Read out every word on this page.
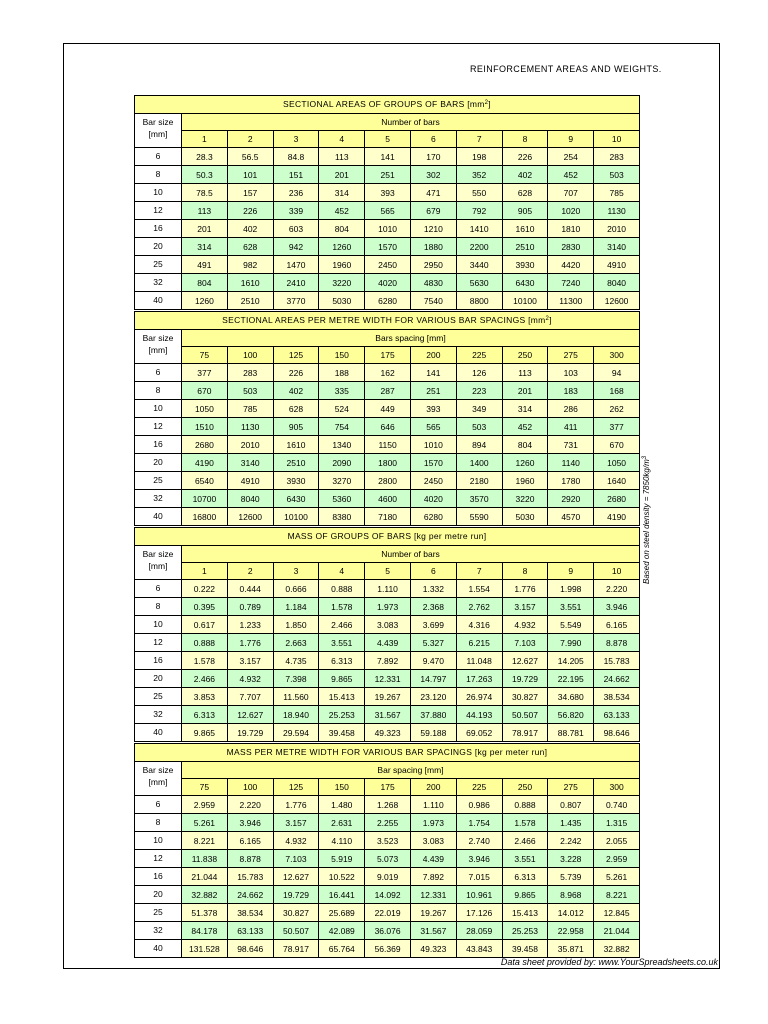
REINFORCEMENT AREAS AND WEIGHTS.
Based on steel density = $7850kg/m^3$
SECTIONAL AREAS OF GROUPS OF BARS $[mm^2]$										

Bar size
[mm]	Number of bars									
	1	2	3	4	5	6	7	8	9	10
6	28.3	56.5	84.8	113	141	170	198	226	254	283
8	50.3	101	151	201	251	302	352	402	452	503
10	78.5	157	236	314	393	471	550	628	707	785
12	113	226	339	452	565	679	792	905	1020	1130
16	201	402	603	804	1010	1210	1410	1610	1810	2010
20	314	628	942	1260	1570	1880	2200	2510	2830	3140
25	491	982	1470	1960	2450	2950	3440	3930	4420	4910
32	804	1610	2410	3220	4020	4830	5630	6430	7240	8040
40	1260	2510	3770	5030	6280	7540	8800	10100	11300	12600
SECTIONAL AREAS PER METRE WIDTH FOR VARIOUS BAR SPACINGS $[mm^2]$										

Bar size
[mm]	Bars spacing [mm]									
	75	100	125	150	175	200	225	250	275	300
6	377	283	226	188	162	141	126	113	103	94
8	670	503	402	335	287	251	223	201	183	168
10	1050	785	628	524	449	393	349	314	286	262
12	1510	1130	905	754	646	565	503	452	411	377
16	2680	2010	1610	1340	1150	1010	894	804	731	670
20	4190	3140	2510	2090	1800	1570	1400	1260	1140	1050
25	6540	4910	3930	3270	2800	2450	2180	1960	1780	1640
32	10700	8040	6430	5360	4600	4020	3570	3220	2920	2680
40	16800	12600	10100	8380	7180	6280	5590	5030	4570	4190
MASS OF GROUPS OF BARS [kg per metre run]										

Bar size
[mm]	Number of bars									
	1	2	3	4	5	6	7	8	9	10
6	0.222	0.444	0.666	0.888	1.110	1.332	1.554	1.776	1.998	2.220
8	0.395	0.789	1.184	1.578	1.973	2.368	2.762	3.157	3.551	3.946
10	0.617	1.233	1.850	2.466	3.083	3.699	4.316	4.932	5.549	6.165
12	0.888	1.776	2.663	3.551	4.439	5.327	6.215	7.103	7.990	8.878
16	1.578	3.157	4.735	6.313	7.892	9.470	11.048	12.627	14.205	15.783
20	2.466	4.932	7.398	9.865	12.331	14.797	17.263	19.729	22.195	24.662
25	3.853	7.707	11.560	15.413	19.267	23.120	26.974	30.827	34.680	38.534
32	6.313	12.627	18.940	25.253	31.567	37.880	44.193	50.507	56.820	63.133
40	9.865	19.729	29.594	39.458	49.323	59.188	69.052	78.917	88.781	98.646
MASS PER METRE WIDTH FOR VARIOUS BAR SPACINGS [kg per meter run]										

Bar size
[mm]	Bar spacing [mm]									
	75	100	125	150	175	200	225	250	275	300
6	2.959	2.220	1.776	1.480	1.268	1.110	0.986	0.888	0.807	0.740
8	5.261	3.946	3.157	2.631	2.255	1.973	1.754	1.578	1.435	1.315
10	8.221	6.165	4.932	4.110	3.523	3.083	2.740	2.466	2.242	2.055
12	11.838	8.878	7.103	5.919	5.073	4.439	3.946	3.551	3.228	2.959
16	21.044	15.783	12.627	10.522	9.019	7.892	7.015	6.313	5.739	5.261
20	32.882	24.662	19.729	16.441	14.092	12.331	10.961	9.865	8.968	8.221
25	51.378	38.534	30.827	25.689	22.019	19.267	17.126	15.413	14.012	12.845
32	84.178	63.133	50.507	42.089	36.076	31.567	28.059	25.253	22.958	21.044
40	131.528	98.646	78.917	65.764	56.369	49.323	43.843	39.458	35.871	32.882
Data sheet provided by: www.YourSpreadsheets.co.uk
